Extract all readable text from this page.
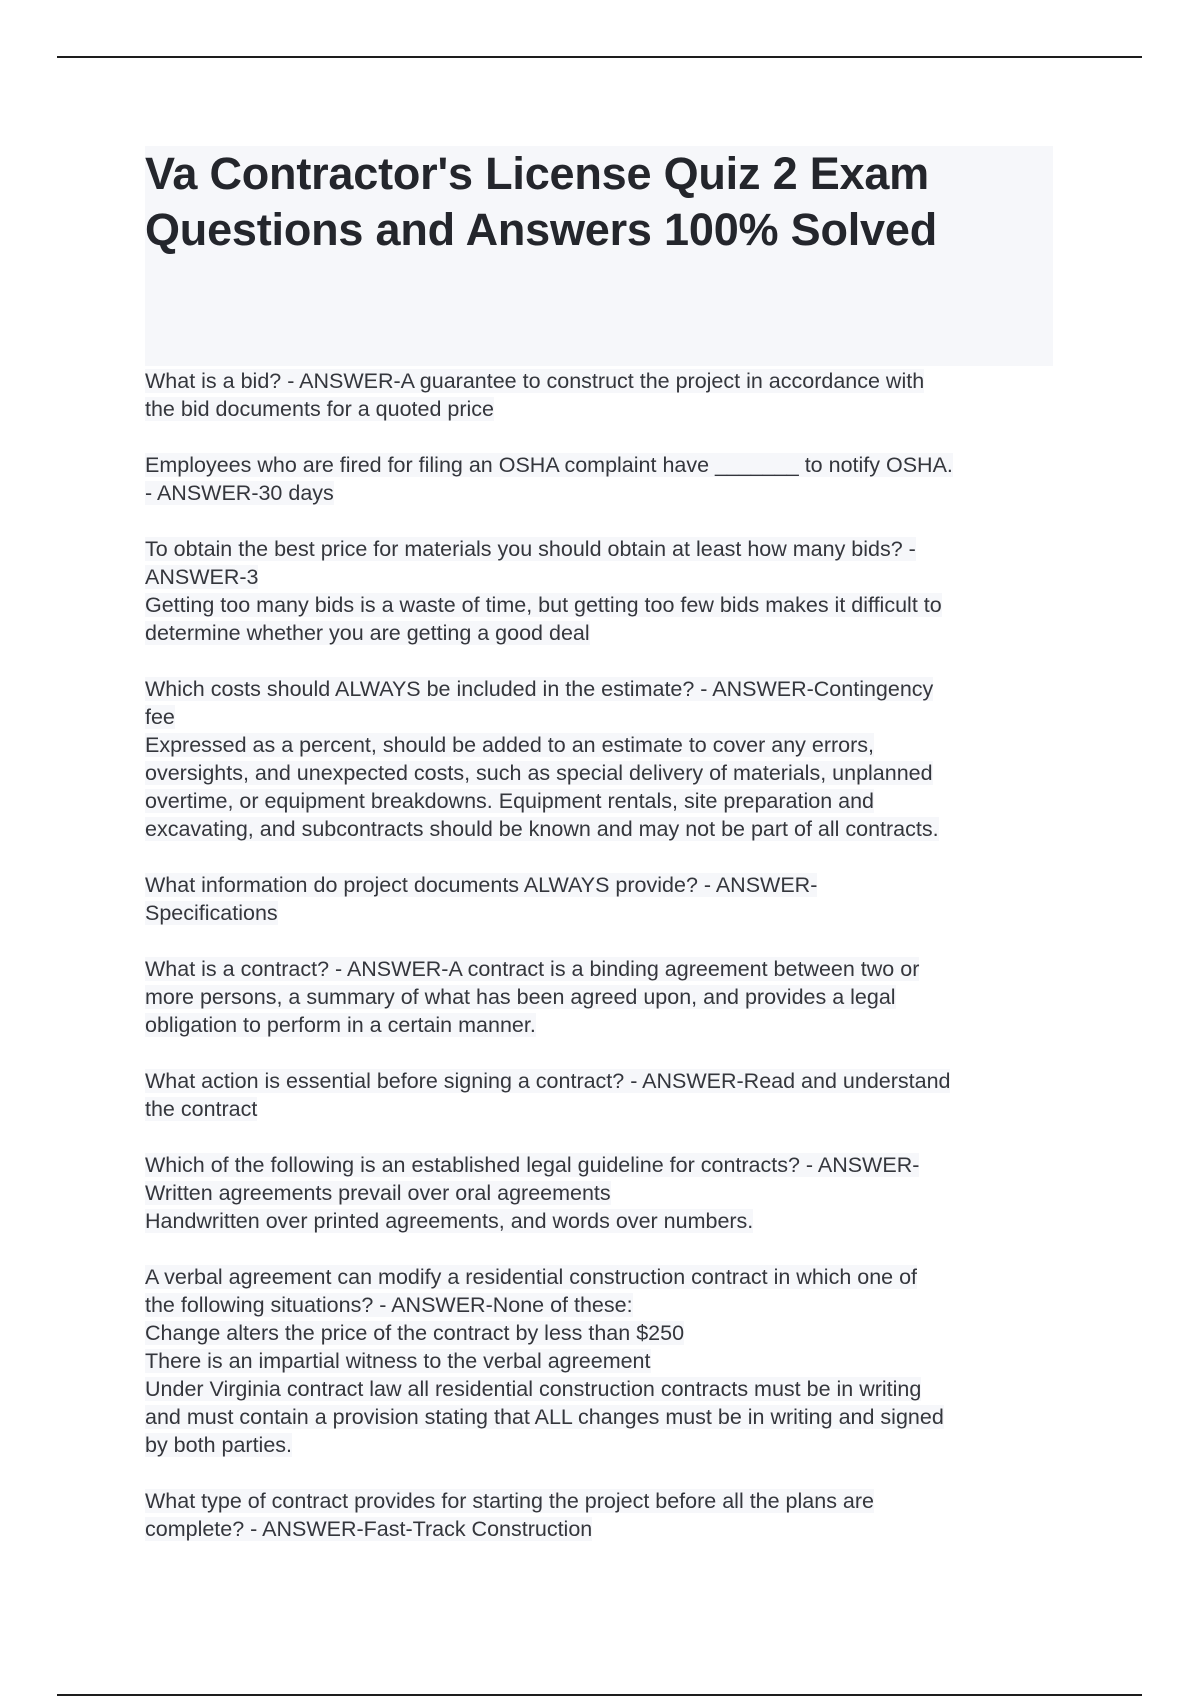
Va Contractor's License Quiz 2 Exam
Questions and Answers 100% Solved
What is a bid? - ANSWER-A guarantee to construct the project in accordance with
the bid documents for a quoted price
Employees who are fired for filing an OSHA complaint have _______ to notify OSHA.
- ANSWER-30 days
To obtain the best price for materials you should obtain at least how many bids? -
ANSWER-3
Getting too many bids is a waste of time, but getting too few bids makes it difficult to
determine whether you are getting a good deal
Which costs should ALWAYS be included in the estimate? - ANSWER-Contingency
fee
Expressed as a percent, should be added to an estimate to cover any errors,
oversights, and unexpected costs, such as special delivery of materials, unplanned
overtime, or equipment breakdowns. Equipment rentals, site preparation and
excavating, and subcontracts should be known and may not be part of all contracts.
What information do project documents ALWAYS provide? - ANSWER-
Specifications
What is a contract? - ANSWER-A contract is a binding agreement between two or
more persons, a summary of what has been agreed upon, and provides a legal
obligation to perform in a certain manner.
What action is essential before signing a contract? - ANSWER-Read and understand
the contract
Which of the following is an established legal guideline for contracts? - ANSWER-
Written agreements prevail over oral agreements
Handwritten over printed agreements, and words over numbers.
A verbal agreement can modify a residential construction contract in which one of
the following situations? - ANSWER-None of these:
Change alters the price of the contract by less than $250
There is an impartial witness to the verbal agreement
Under Virginia contract law all residential construction contracts must be in writing
and must contain a provision stating that ALL changes must be in writing and signed
by both parties.
What type of contract provides for starting the project before all the plans are
complete? - ANSWER-Fast-Track Construction
